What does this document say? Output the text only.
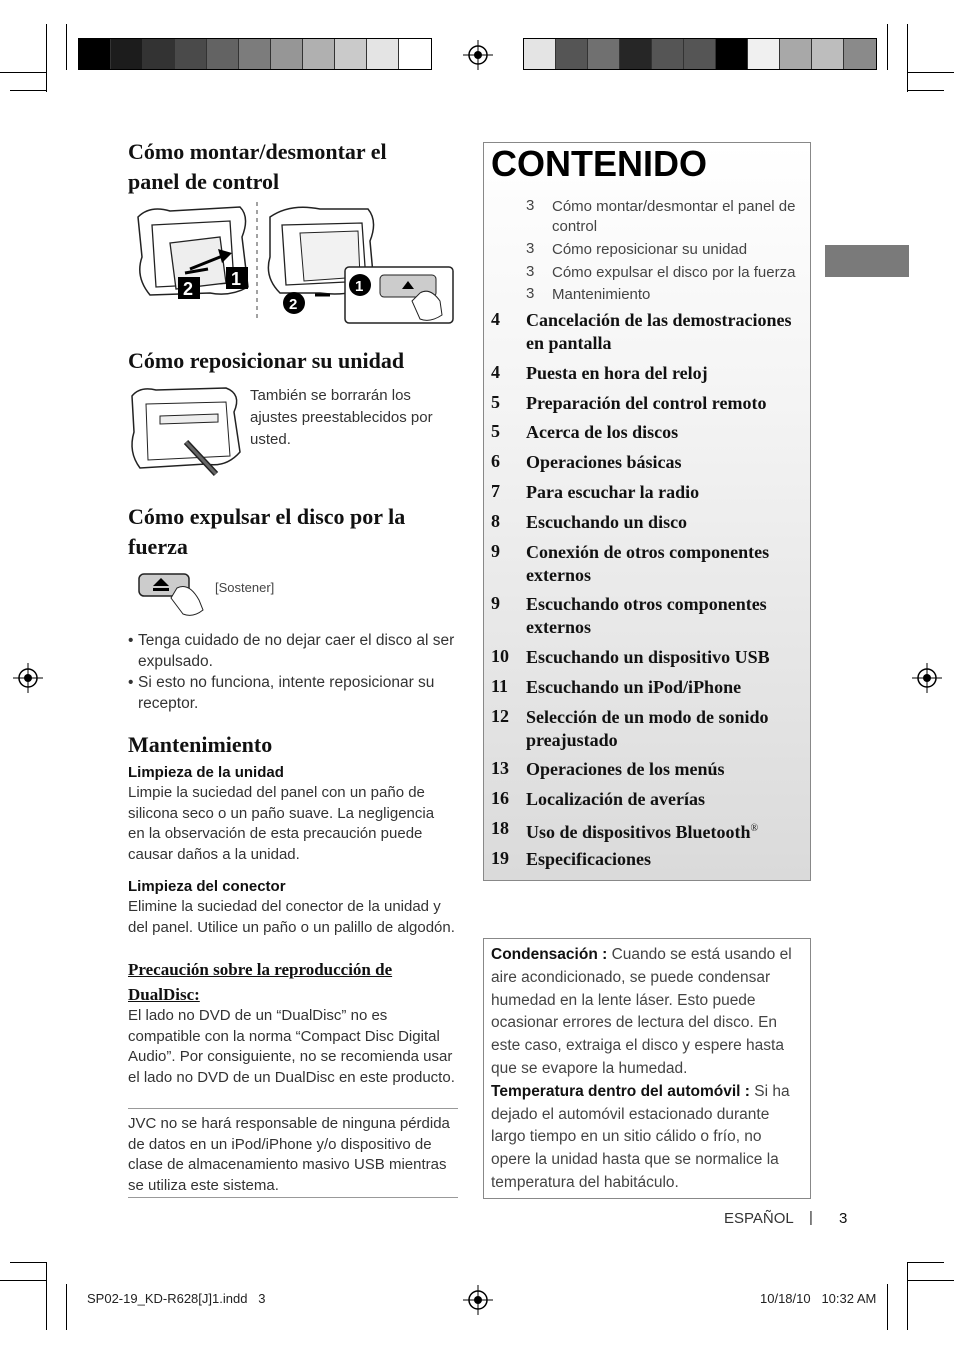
Cómo montar/desmontar el panel de control
1
2	1
2
Cómo reposicionar su unidad
También se borrarán los ajustes preestablecidos por usted.
Cómo expulsar el disco por la fuerza
[Sostener]
• Tenga cuidado de no dejar caer el disco al ser expulsado.
• Si esto no funciona, intente reposicionar su receptor.
Mantenimiento
Limpieza de la unidad
Limpie la suciedad del panel con un paño de silicona seco o un paño suave. La negligencia en la observación de esta precaución puede causar daños a la unidad.
Limpieza del conector
Elimine la suciedad del conector de la unidad y del panel. Utilice un paño o un palillo de algodón.
Precaución sobre la reproducción de DualDisc:
El lado no DVD de un “DualDisc” no es compatible con la norma “Compact Disc Digital Audio”. Por consiguiente, no se recomienda usar el lado no DVD de un DualDisc en este producto.
JVC no se hará responsable de ninguna pérdida de datos en un iPod/iPhone y/o dispositivo de clase de almacenamiento masivo USB mientras se utiliza este sistema.
CONTENIDO
3 Cómo montar/desmontar el panel de control
3 Cómo reposicionar su unidad
3 Cómo expulsar el disco por la fuerza
3 Mantenimiento
4 Cancelación de las demostraciones en pantalla
4 Puesta en hora del reloj
5 Preparación del control remoto
5 Acerca de los discos
6 Operaciones básicas
7 Para escuchar la radio
8 Escuchando un disco
9 Conexión de otros componentes externos
9 Escuchando otros componentes externos
10 Escuchando un dispositivo USB
11 Escuchando un iPod/iPhone
12 Selección de un modo de sonido preajustado
13 Operaciones de los menús
16 Localización de averías
18 Uso de dispositivos Bluetooth®
19 Especificaciones
Condensación : Cuando se está usando el aire acondicionado, se puede condensar humedad en la lente láser. Esto puede ocasionar errores de lectura del disco. En este caso, extraiga el disco y espere hasta que se evapore la humedad.
Temperatura dentro del automóvil : Si ha dejado el automóvil estacionado durante largo tiempo en un sitio cálido o frío, no opere la unidad hasta que se normalice la temperatura del habitáculo.
ESPAÑOL | 3
SP02-19_KD-R628[J]1.indd   3	10/18/10   10:32 AM
